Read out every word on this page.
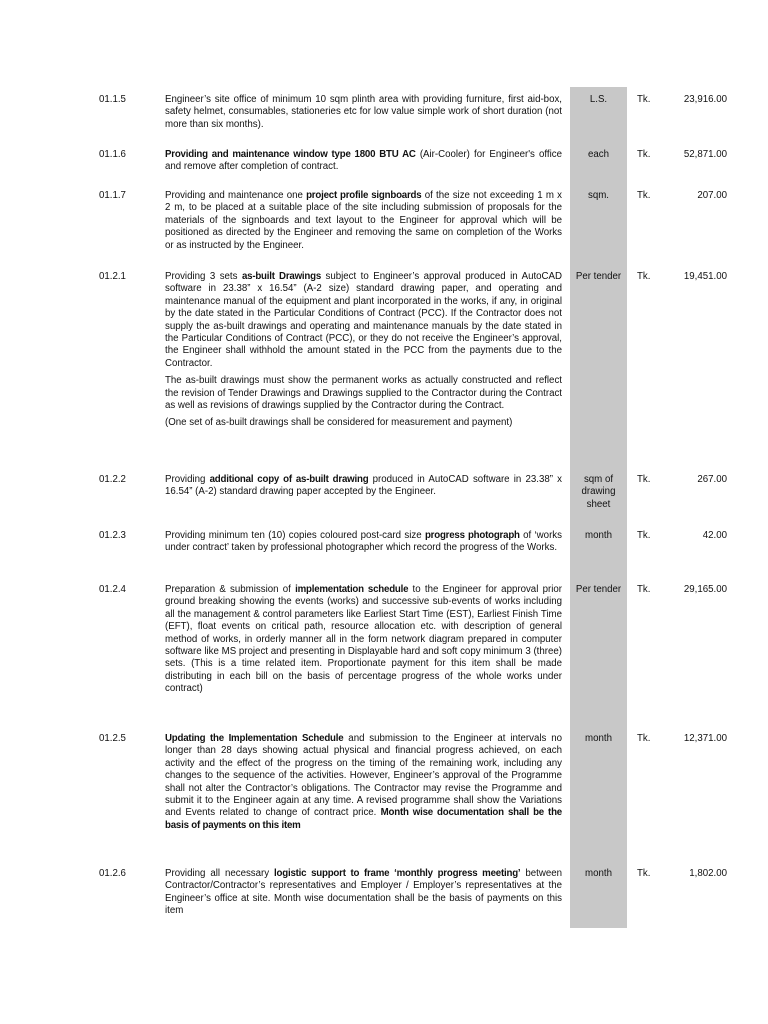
01.1.5	Engineer’s site office of minimum 10 sqm plinth area with providing furniture, first aid-box, safety helmet, consumables, stationeries etc for low value simple work of short duration (not more than six months).

L.S.	Tk.	23,916.00
01.1.6	Providing and maintenance window type 1800 BTU AC (Air-Cooler) for Engineer's office and remove after completion of contract.

each	Tk.	52,871.00
01.1.7	Providing and maintenance one project profile signboards of the size not exceeding 1 m x 2 m, to be placed at a suitable place of the site including submission of proposals for the materials of the signboards and text layout to the Engineer for approval which will be positioned as directed by the Engineer and removing the same on completion of the Works or as instructed by the Engineer.

sqm.	Tk.	207.00
01.2.1	Providing 3 sets as-built Drawings subject to Engineer’s approval produced in AutoCAD software in 23.38” x 16.54” (A-2 size) standard drawing paper, and operating and maintenance manual of the equipment and plant incorporated in the works, if any, in original by the date stated in the Particular Conditions of Contract (PCC). If the Contractor does not supply the as-built drawings and operating and maintenance manuals by the date stated in the Particular Conditions of Contract (PCC), or they do not receive the Engineer’s approval, the Engineer shall withhold the amount stated in the PCC from the payments due to the Contractor.

The as-built drawings must show the permanent works as actually constructed and reflect the revision of Tender Drawings and Drawings supplied to the Contractor during the Contract as well as revisions of drawings supplied by the Contractor during the Contract.

(One set of as-built drawings shall be considered for measurement and payment)

Per tender	Tk.	19,451.00
01.2.2	Providing additional copy of as-built drawing produced in AutoCAD software in 23.38” x 16.54” (A-2) standard drawing paper accepted by the Engineer.

sqm of drawing sheet
Tk.	267.00
01.2.3	Providing minimum ten (10) copies coloured post-card size progress photograph of ‘works under contract’ taken by professional photographer which record the progress of the Works.

month	Tk.	42.00
01.2.4	Preparation & submission of implementation schedule to the Engineer for approval prior ground breaking showing the events (works) and successive sub-events of works including all the management & control parameters like Earliest Start Time (EST), Earliest Finish Time (EFT), float events on critical path, resource allocation etc. with description of general method of works, in orderly manner all in the form network diagram prepared in computer software like MS project and presenting in Displayable hard and soft copy minimum 3 (three) sets. (This is a time related item. Proportionate payment for this item shall be made distributing in each bill on the basis of percentage progress of the whole works under contract)

Per tender	Tk.	29,165.00
01.2.5	Updating the Implementation Schedule and submission to the Engineer at intervals no longer than 28 days showing actual physical and financial progress achieved, on each activity and the effect of the progress on the timing of the remaining work, including any changes to the sequence of the activities. However, Engineer’s approval of the Programme shall not alter the Contractor’s obligations. The Contractor may revise the Programme and submit it to the Engineer again at any time. A revised programme shall show the Variations and Events related to change of contract price. Month wise documentation shall be the basis of payments on this item

month	Tk.	12,371.00
01.2.6	Providing all necessary logistic support to frame ‘monthly progress meeting’ between Contractor/Contractor’s representatives and Employer / Employer’s representatives at the Engineer’s office at site. Month wise documentation shall be the basis of payments on this item

month	Tk.	1,802.00
